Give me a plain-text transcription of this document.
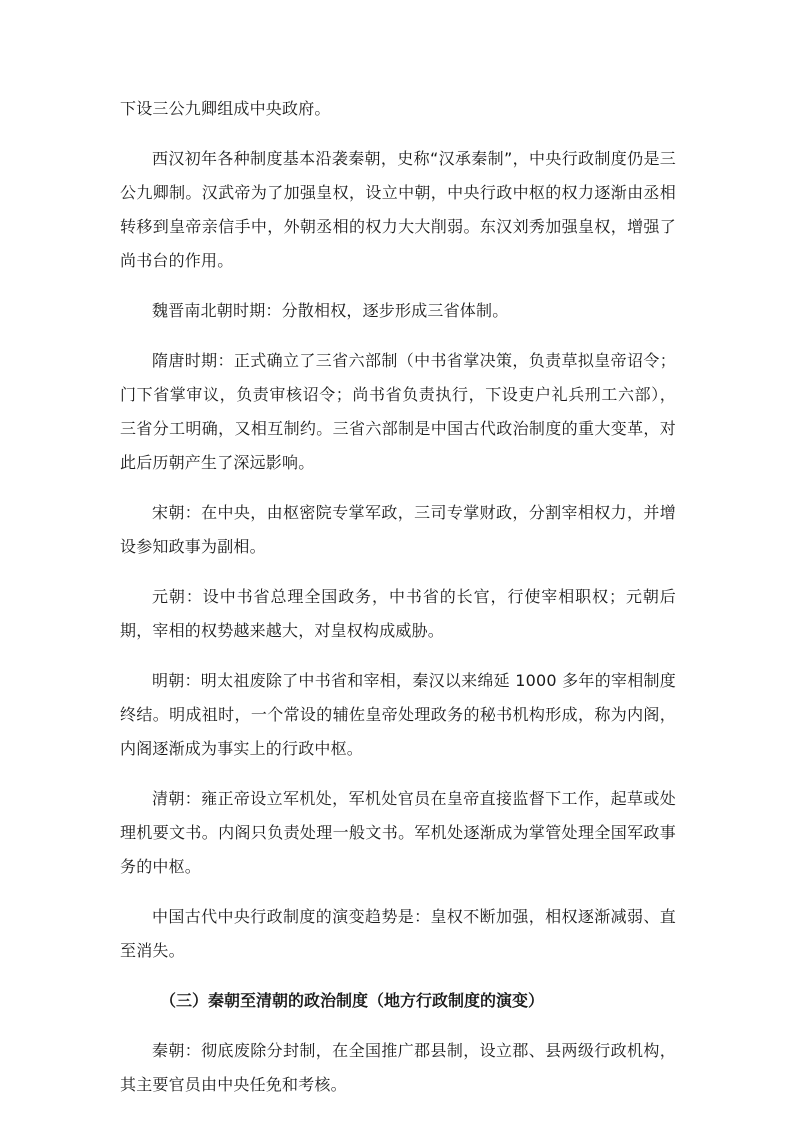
下设三公九卿组成中央政府。

西汉初年各种制度基本沿袭秦朝，史称“汉承秦制”，中央行政制度仍是三公九卿制。汉武帝为了加强皇权，设立中朝，中央行政中枢的权力逐渐由丞相转移到皇帝亲信手中，外朝丞相的权力大大削弱。东汉刘秀加强皇权，增强了尚书台的作用。

魏晋南北朝时期：分散相权，逐步形成三省体制。

隋唐时期：正式确立了三省六部制（中书省掌决策，负责草拟皇帝诏令；门下省掌审议，负责审核诏令；尚书省负责执行，下设吏户礼兵刑工六部），三省分工明确，又相互制约。三省六部制是中国古代政治制度的重大变革，对此后历朝产生了深远影响。

宋朝：在中央，由枢密院专掌军政，三司专掌财政，分割宰相权力，并增设参知政事为副相。

元朝：设中书省总理全国政务，中书省的长官，行使宰相职权；元朝后期，宰相的权势越来越大，对皇权构成威胁。

明朝：明太祖废除了中书省和宰相，秦汉以来绵延 1000 多年的宰相制度终结。明成祖时，一个常设的辅佐皇帝处理政务的秘书机构形成，称为内阁，内阁逐渐成为事实上的行政中枢。

清朝：雍正帝设立军机处，军机处官员在皇帝直接监督下工作，起草或处理机要文书。内阁只负责处理一般文书。军机处逐渐成为掌管处理全国军政事务的中枢。

中国古代中央行政制度的演变趋势是：皇权不断加强，相权逐渐减弱、直至消失。

（三）秦朝至清朝的政治制度（地方行政制度的演变）

秦朝：彻底废除分封制，在全国推广郡县制，设立郡、县两级行政机构，其主要官员由中央任免和考核。
